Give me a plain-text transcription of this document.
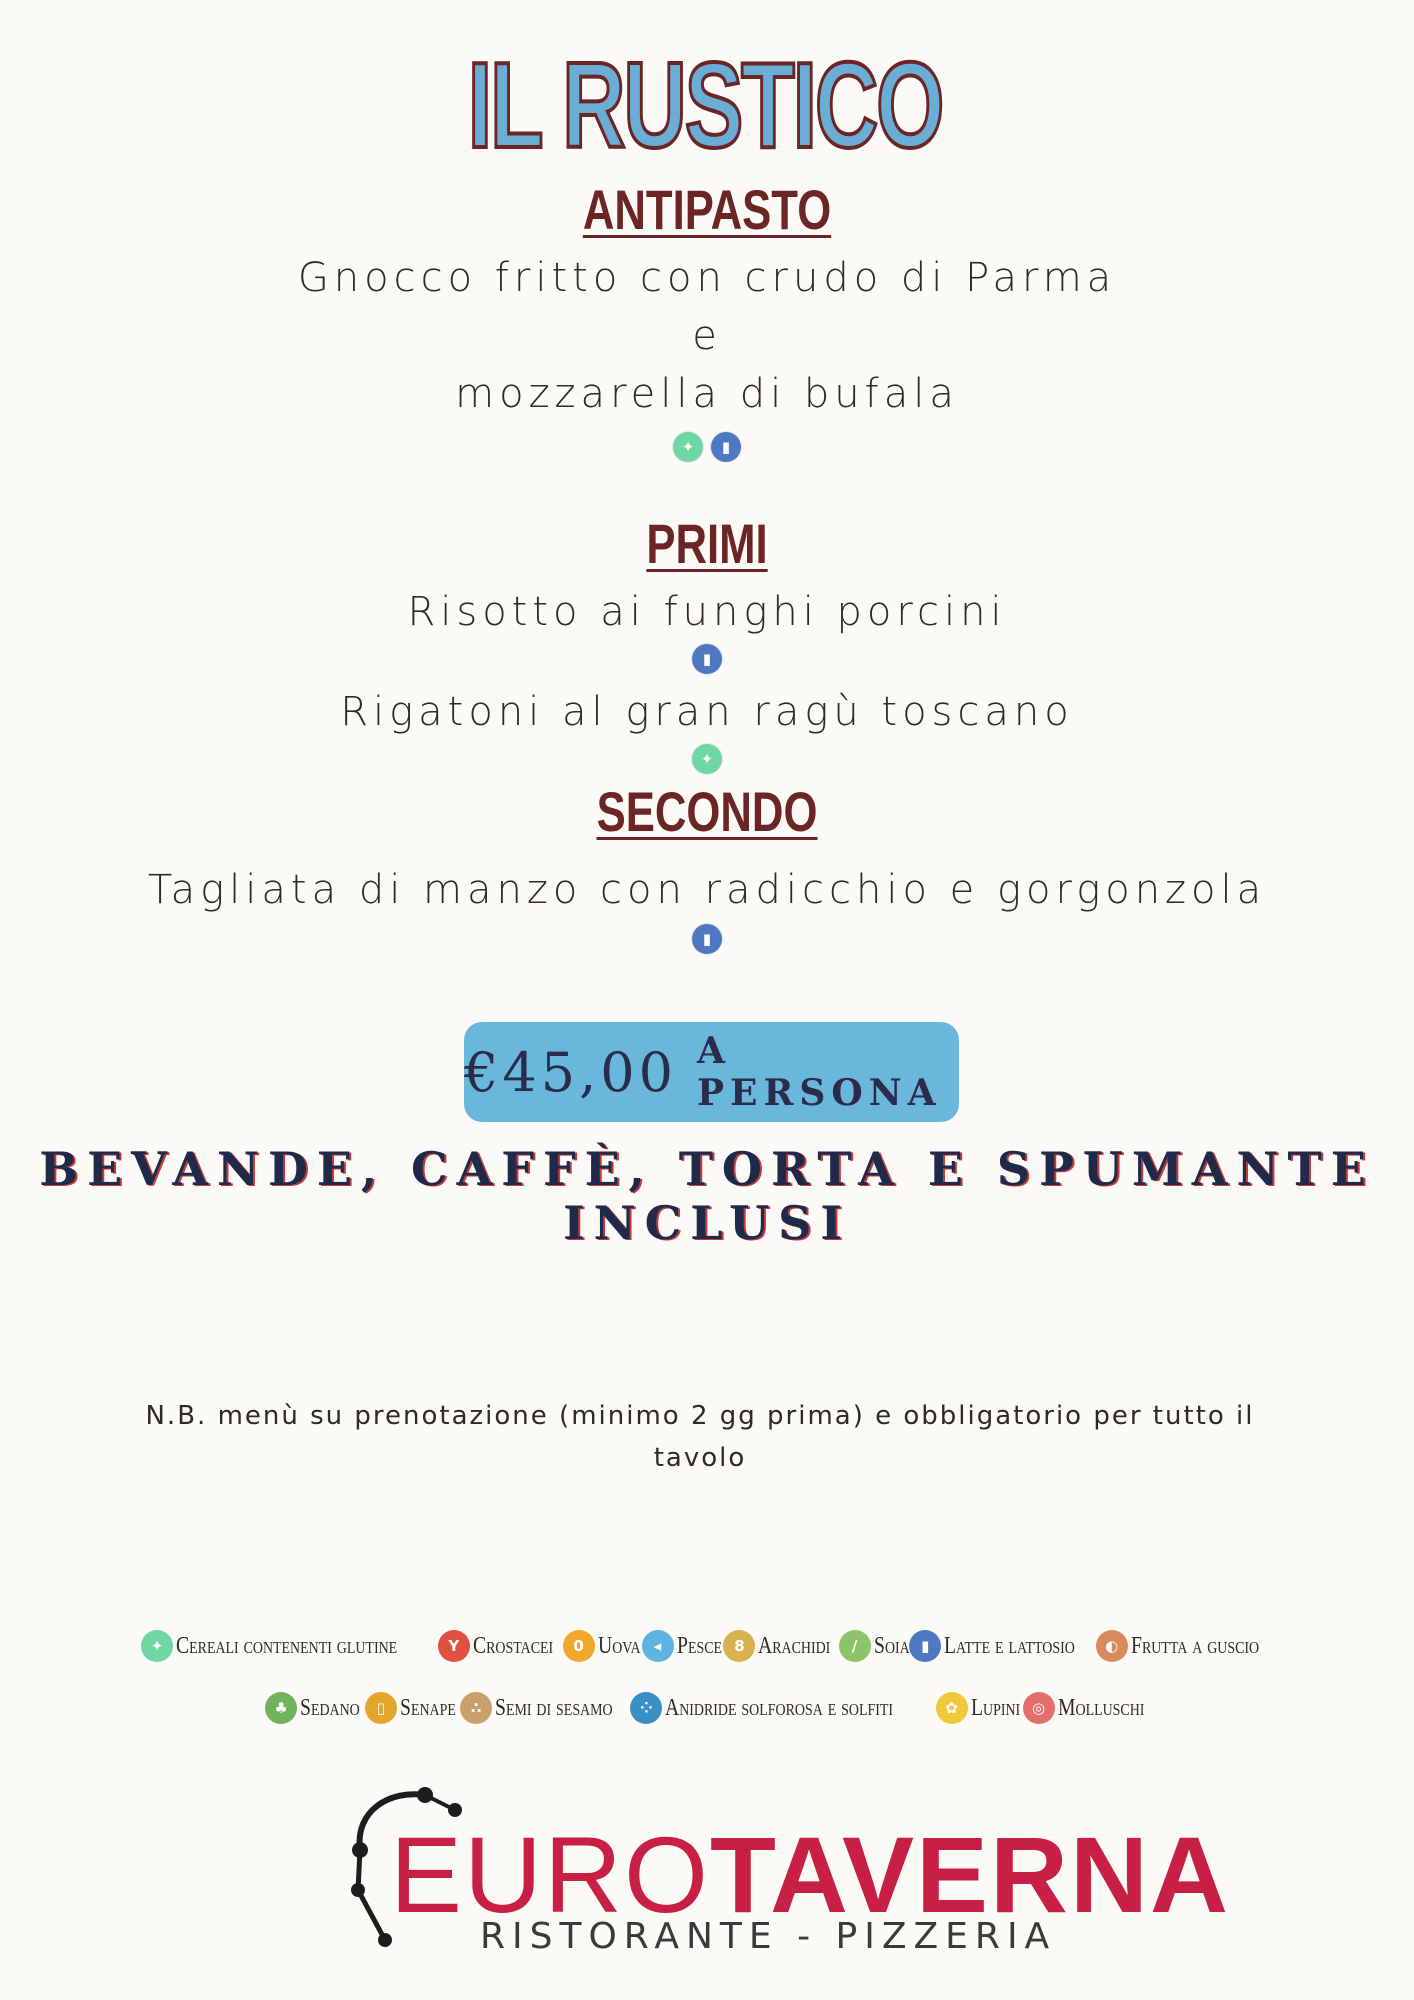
IL RUSTICO
ANTIPASTO
Gnocco fritto con crudo di Parma
e
mozzarella di bufala
✦	▮
PRIMI
Risotto ai funghi porcini
▮
Rigatoni al gran ragù toscano
✦
SECONDO
Tagliata di manzo con radicchio e gorgonzola
▮
€45,00 A PERSONA
BEVANDE, CAFFÈ, TORTA E SPUMANTE INCLUSI
N.B. menù su prenotazione (minimo 2 gg prima) e obbligatorio per tutto il tavolo
✦ Cereali contenenti glutine	Y Crostacei	0 Uova ◂ Pesce 8 Arachidi	/ Soia ▮ Latte e lattosio	◐ Frutta a guscio
♣ Sedano	▯ Senape	∴ Semi di sesamo	⁘ Anidride solforosa e solfiti	✿ Lupini ◎ Molluschi
EUROTAVERNA
RISTORANTE - PIZZERIA
